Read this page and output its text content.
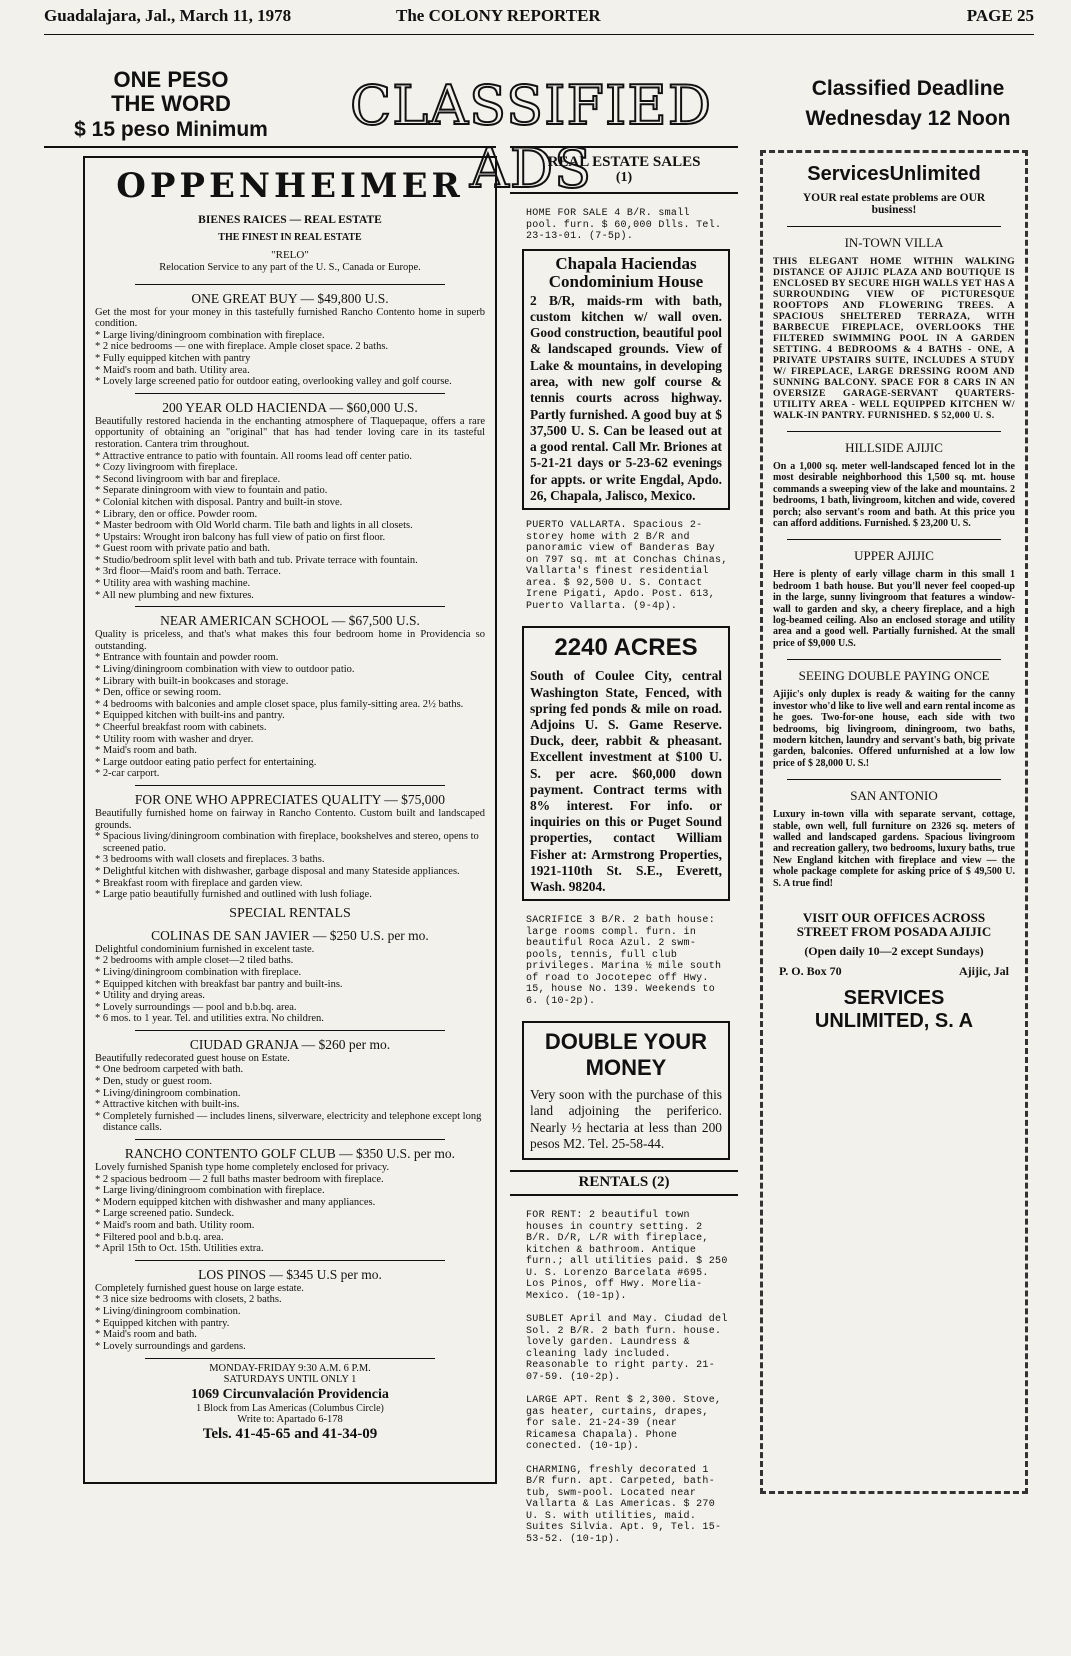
Guadalajara, Jal., March 11, 1978	The COLONY REPORTER	PAGE 25
ONE PESO
THE WORD
$ 15 peso Minimum	CLASSIFIED ADS
Classified Deadline
Wednesday 12 Noon
OPPENHEIMER
BIENES RAICES — REAL ESTATE
THE FINEST IN REAL ESTATE
"RELO"
Relocation Service to any part of the U. S., Canada or Europe.
ONE GREAT BUY — $49,800 U.S.
Get the most for your money in this tastefully furnished Rancho Contento home in superb condition.
* Large living/diningroom combination with fireplace.
* 2 nice bedrooms — one with fireplace. Ample closet space. 2 baths.
* Fully equipped kitchen with pantry
* Maid's room and bath. Utility area.
* Lovely large screened patio for outdoor eating, overlooking valley and golf course.
200 YEAR OLD HACIENDA — $60,000 U.S.
Beautifully restored hacienda in the enchanting atmosphere of Tlaquepaque, offers a rare opportunity of obtaining an "original" that has had tender loving care in its tasteful restoration. Cantera trim throughout.
* Attractive entrance to patio with fountain. All rooms lead off center patio.
* Cozy livingroom with fireplace.
* Second livingroom with bar and fireplace.
* Separate diningroom with view to fountain and patio.
* Colonial kitchen with disposal. Pantry and built-in stove.
* Library, den or office. Powder room.
* Master bedroom with Old World charm. Tile bath and lights in all closets.
* Upstairs: Wrought iron balcony has full view of patio on first floor.
* Guest room with private patio and bath.
* Studio/bedroom split level with bath and tub. Private terrace with fountain.
* 3rd floor—Maid's room and bath. Terrace.
* Utility area with washing machine.
* All new plumbing and new fixtures.
NEAR AMERICAN SCHOOL — $67,500 U.S.
Quality is priceless, and that's what makes this four bedroom home in Providencia so outstanding.
* Entrance with fountain and powder room.
* Living/diningroom combination with view to outdoor patio.
* Library with built-in bookcases and storage.
* Den, office or sewing room.
* 4 bedrooms with balconies and ample closet space, plus family-sitting area. 2½ baths.
* Equipped kitchen with built-ins and pantry.
* Cheerful breakfast room with cabinets.
* Utility room with washer and dryer.
* Maid's room and bath.
* Large outdoor eating patio perfect for entertaining.
* 2-car carport.
FOR ONE WHO APPRECIATES QUALITY — $75,000
Beautifully furnished home on fairway in Rancho Contento. Custom built and landscaped grounds.
* Spacious living/diningroom combination with fireplace, bookshelves and stereo, opens to screened patio.
* 3 bedrooms with wall closets and fireplaces. 3 baths.
* Delightful kitchen with dishwasher, garbage disposal and many Stateside appliances.
* Breakfast room with fireplace and garden view.
* Large patio beautifully furnished and outlined with lush foliage.
SPECIAL RENTALS
COLINAS DE SAN JAVIER — $250 U.S. per mo.
Delightful condominium furnished in excelent taste.
* 2 bedrooms with ample closet—2 tiled baths.
* Living/diningroom combination with fireplace.
* Equipped kitchen with breakfast bar pantry and built-ins.
* Utility and drying areas.
* Lovely surroundings — pool and b.b.bq. area.
* 6 mos. to 1 year. Tel. and utilities extra. No children.
CIUDAD GRANJA — $260 per mo.
Beautifully redecorated guest house on Estate.
* One bedroom carpeted with bath.
* Den, study or guest room.
* Living/diningroom combination.
* Attractive kitchen with built-ins.
* Completely furnished — includes linens, silverware, electricity and telephone except long distance calls.
RANCHO CONTENTO GOLF CLUB — $350 U.S. per mo.
Lovely furnished Spanish type home completely enclosed for privacy.
* 2 spacious bedroom — 2 full baths master bedroom with fireplace.
* Large living/diningroom combination with fireplace.
* Modern equipped kitchen with dishwasher and many appliances.
* Large screened patio. Sundeck.
* Maid's room and bath. Utility room.
* Filtered pool and b.b.q. area.
* April 15th to Oct. 15th. Utilities extra.
LOS PINOS — $345 U.S per mo.
Completely furnished guest house on large estate.
* 3 nice size bedrooms with closets, 2 baths.
* Living/diningroom combination.
* Equipped kitchen with pantry.
* Maid's room and bath.
* Lovely surroundings and gardens.
MONDAY-FRIDAY 9:30 A.M. 6 P.M.
SATURDAYS UNTIL ONLY 1
1069 Circunvalación Providencia
1 Block from Las Americas (Columbus Circle)
Write to: Apartado 6-178
Tels. 41-45-65 and 41-34-09
REAL ESTATE SALES
(1)
HOME FOR SALE 4 B/R. small pool. furn. $ 60,000 Dlls. Tel. 23-13-01. (7-5p).
Chapala Haciendas Condominium House
2 B/R, maids-rm with bath, custom kitchen w/ wall oven. Good construction, beautiful pool & landscaped grounds. View of Lake & mountains, in developing area, with new golf course & tennis courts across highway. Partly furnished. A good buy at $ 37,500 U. S. Can be leased out at a good rental. Call Mr. Briones at 5-21-21 days or 5-23-62 evenings for appts. or write Engdal, Apdo. 26, Chapala, Jalisco, Mexico.
PUERTO VALLARTA. Spacious 2-storey home with 2 B/R and panoramic view of Banderas Bay on 797 sq. mt at Conchas Chinas, Vallarta's finest residential area. $ 92,500 U. S. Contact Irene Pigati, Apdo. Post. 613, Puerto Vallarta. (9-4p).
2240 ACRES
South of Coulee City, central Washington State, Fenced, with spring fed ponds & mile on road. Adjoins U. S. Game Reserve. Duck, deer, rabbit & pheasant. Excellent investment at $100 U. S. per acre. $60,000 down payment. Contract terms with 8% interest. For info. or inquiries on this or Puget Sound properties, contact William Fisher at: Armstrong Properties, 1921-110th St. S.E., Everett, Wash. 98204.
SACRIFICE 3 B/R. 2 bath house: large rooms compl. furn. in beautiful Roca Azul. 2 swm-pools, tennis, full club privileges. Marina ½ mile south of road to Jocotepec off Hwy. 15, house No. 139. Weekends to 6. (10-2p).
DOUBLE YOUR MONEY
Very soon with the purchase of this land adjoining the periferico. Nearly ½ hectaria at less than 200 pesos M2. Tel. 25-58-44.
RENTALS (2)
FOR RENT: 2 beautiful town houses in country setting. 2 B/R. D/R, L/R with fireplace, kitchen & bathroom. Antique furn.; all utilities paid. $ 250 U. S. Lorenzo Barcelata #695. Los Pinos, off Hwy. Morelia-Mexico. (10-1p).
SUBLET April and May. Ciudad del Sol. 2 B/R. 2 bath furn. house. lovely garden. Laundress & cleaning lady included. Reasonable to right party. 21-07-59. (10-2p).
LARGE APT. Rent $ 2,300. Stove, gas heater, curtains, drapes, for sale. 21-24-39 (near Ricamesa Chapala). Phone conected. (10-1p).
CHARMING, freshly decorated 1 B/R furn. apt. Carpeted, bath-tub, swm-pool. Located near Vallarta & Las Americas. $ 270 U. S. with utilities, maid. Suites Silvia. Apt. 9, Tel. 15-53-52. (10-1p).
ServicesUnlimited
YOUR real estate problems are OUR business!
IN-TOWN VILLA
THIS ELEGANT HOME WITHIN WALKING DISTANCE OF AJIJIC PLAZA AND BOUTIQUE IS ENCLOSED BY SECURE HIGH WALLS YET HAS A SURROUNDING VIEW OF PICTURESQUE ROOFTOPS AND FLOWERING TREES. A SPACIOUS SHELTERED TERRAZA, WITH BARBECUE FIREPLACE, OVERLOOKS THE FILTERED SWIMMING POOL IN A GARDEN SETTING. 4 BEDROOMS & 4 BATHS - ONE, A PRIVATE UPSTAIRS SUITE, INCLUDES A STUDY W/ FIREPLACE, LARGE DRESSING ROOM AND SUNNING BALCONY. SPACE FOR 8 CARS IN AN OVERSIZE GARAGE-SERVANT QUARTERS-UTILITY AREA - WELL EQUIPPED KITCHEN W/ WALK-IN PANTRY. FURNISHED. $ 52,000 U. S.
HILLSIDE AJIJIC
On a 1,000 sq. meter well-landscaped fenced lot in the most desirable neighborhood this 1,500 sq. mt. house commands a sweeping view of the lake and mountains. 2 bedrooms, 1 bath, livingroom, kitchen and wide, covered porch; also servant's room and bath. At this price you can afford additions. Furnished. $ 23,200 U. S.
UPPER AJIJIC
Here is plenty of early village charm in this small 1 bedroom 1 bath house. But you'll never feel cooped-up in the large, sunny livingroom that features a window-wall to garden and sky, a cheery fireplace, and a high log-beamed ceiling. Also an enclosed storage and utility area and a good well. Partially furnished. At the small price of $9,000 U.S.
SEEING DOUBLE PAYING ONCE
Ajijic's only duplex is ready & waiting for the canny investor who'd like to live well and earn rental income as he goes. Two-for-one house, each side with two bedrooms, big livingroom, diningroom, two baths, modern kitchen, laundry and servant's bath, big private garden, balconies. Offered unfurnished at a low low price of $ 28,000 U. S.!
SAN ANTONIO
Luxury in-town villa with separate servant, cottage, stable, own well, full furniture on 2326 sq. meters of walled and landscaped gardens. Spacious livingroom and recreation gallery, two bedrooms, luxury baths, true New England kitchen with fireplace and view — the whole package complete for asking price of $ 49,500 U. S. A true find!
VISIT OUR OFFICES ACROSS STREET FROM POSADA AJIJIC
(Open daily 10—2 except Sundays)
P. O. Box 70	Ajijic, Jal
SERVICES
UNLIMITED, S. A
